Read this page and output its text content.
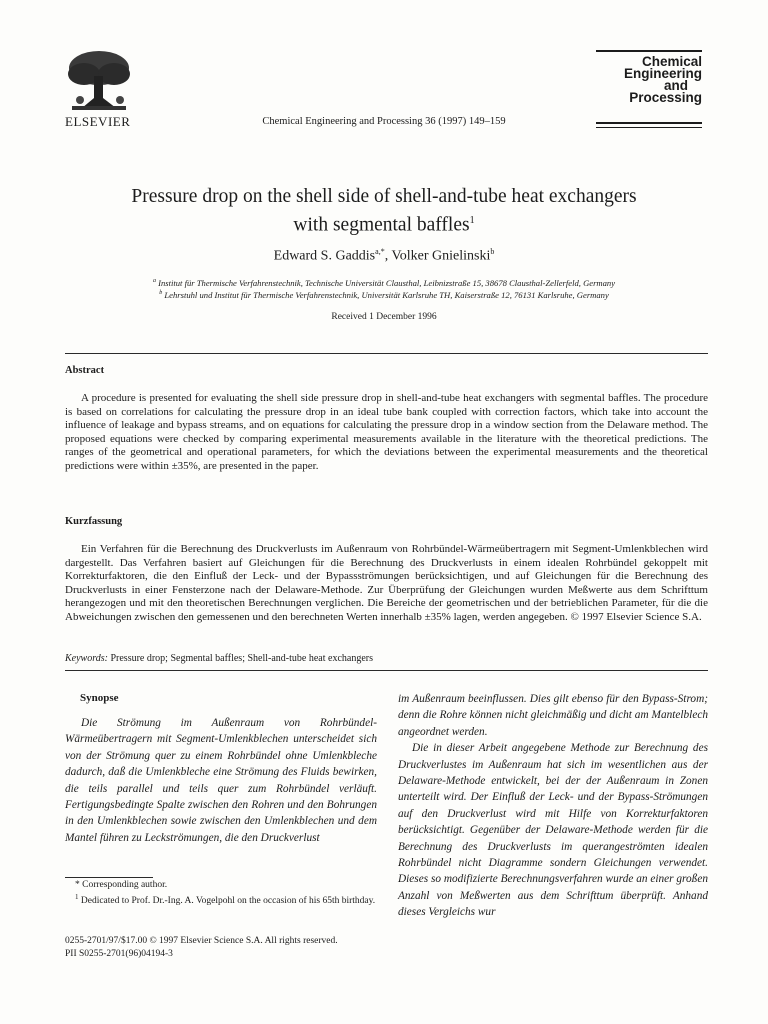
ELSEVIER	Chemical Engineering and Processing 36 (1997) 149–159
Chemical
Engineering
and
Processing
Pressure drop on the shell side of shell-and-tube heat exchangers
with segmental baffles$^1$
Edward S. Gaddis$^{a,*}$, Volker Gnielinski$^b$
$^a$ Institut für Thermische Verfahrenstechnik, Technische Universität Clausthal, Leibnizstraße 15, 38678 Clausthal-Zellerfeld, Germany
$^b$ Lehrstuhl und Institut für Thermische Verfahrenstechnik, Universität Karlsruhe TH, Kaiserstraße 12, 76131 Karlsruhe, Germany
Received 1 December 1996
Abstract
A procedure is presented for evaluating the shell side pressure drop in shell-and-tube heat exchangers with segmental baffles. The procedure is based on correlations for calculating the pressure drop in an ideal tube bank coupled with correction factors, which take into account the influence of leakage and bypass streams, and on equations for calculating the pressure drop in a window section from the Delaware method. The proposed equations were checked by comparing experimental measurements available in the literature with the theoretical predictions. The ranges of the geometrical and operational parameters, for which the deviations between the experimental measurements and the theoretical predictions were within ±35%, are presented in the paper.
Kurzfassung
Ein Verfahren für die Berechnung des Druckverlusts im Außenraum von Rohrbündel-Wärmeübertragern mit Segment-Umlenkblechen wird dargestellt. Das Verfahren basiert auf Gleichungen für die Berechnung des Druckverlusts in einem idealen Rohrbündel gekoppelt mit Korrekturfaktoren, die den Einfluß der Leck- und der Bypassströmungen berücksichtigen, und auf Gleichungen für die Berechnung des Druckverlusts in einer Fensterzone nach der Delaware-Methode. Zur Überprüfung der Gleichungen wurden Meßwerte aus dem Schrifttum herangezogen und mit den theoretischen Berechnungen verglichen. Die Bereiche der geometrischen und der betrieblichen Parameter, für die die Abweichungen zwischen den gemessenen und den berechneten Werten innerhalb ±35% lagen, werden angegeben. © 1997 Elsevier Science S.A.
Keywords: Pressure drop; Segmental baffles; Shell-and-tube heat exchangers
Synopse
Die Strömung im Außenraum von Rohrbündel-Wärmeübertragern mit Segment-Umlenkblechen unterscheidet sich von der Strömung quer zu einem Rohrbündel ohne Umlenkbleche dadurch, daß die Umlenkbleche eine Strömung des Fluids bewirken, die teils parallel und teils quer zum Rohrbündel verläuft. Fertigungsbedingte Spalte zwischen den Rohren und den Bohrungen in den Umlenkblechen sowie zwischen den Umlenkblechen und dem Mantel führen zu Leckströmungen, die den Druckverlust

im Außenraum beeinflussen. Dies gilt ebenso für den Bypass-Strom; denn die Rohre können nicht gleichmäßig und dicht am Mantelblech angeordnet werden.

Die in dieser Arbeit angegebene Methode zur Berechnung des Druckverlustes im Außenraum hat sich im wesentlichen aus der Delaware-Methode entwickelt, bei der der Außenraum in Zonen unterteilt wird. Der Einfluß der Leck- und der Bypass-Strömungen auf den Druckverlust wird mit Hilfe von Korrekturfaktoren berücksichtigt. Gegenüber der Delaware-Methode werden für die Berechnung des Druckverlusts im querangeströmten idealen Rohrbündel nicht Diagramme sondern Gleichungen verwendet. Dieses so modifizierte Berechnungsverfahren wurde an einer großen Anzahl von Meßwerten aus dem Schrifttum überprüft. Anhand dieses Vergleichs wur

* Corresponding author.
$^1$ Dedicated to Prof. Dr.-Ing. A. Vogelpohl on the occasion of his 65th birthday.
0255-2701/97/$17.00 © 1997 Elsevier Science S.A. All rights reserved.
PII S0255-2701(96)04194-3
